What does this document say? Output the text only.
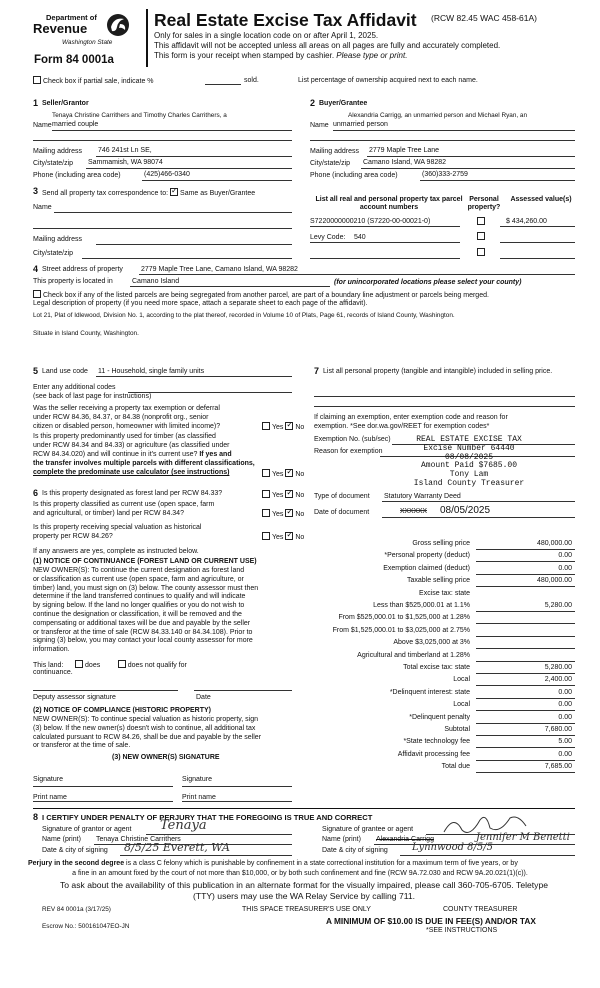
Department of
Revenue
Washington State
Form 84 0001a
Real Estate Excise Tax Affidavit (RCW 82.45 WAC 458-61A)
Only for sales in a single location code on or after April 1, 2025.
This affidavit will not be accepted unless all areas on all pages are fully and accurately completed.
This form is your receipt when stamped by cashier. Please type or print.
Check box if partial sale, indicate %	sold.	List percentage of ownership acquired next to each name.
1 Seller/Grantor
Tenaya Christine Carrithers and Timothy Charles Carrithers, a
Name married couple
Mailing address 746 241st Ln SE,
City/state/zip Sammamish, WA 98074
Phone (including area code)	(425)466-0340
2 Buyer/Grantee
Alexandria Carrigg, an unmarried person and Michael Ryan, an
Name unmarried person
Mailing address 2779 Maple Tree Lane
City/state/zip Camano Island, WA 98282
Phone (including area code)	(360)333-2759
3 Send all property tax correspondence to: ✓ Same as Buyer/Grantee
Name
Mailing address
City/state/zip
List all real and personal property tax parcel account numbers
Personal property?
Assessed value(s)
S7220000000210 (S7220-00-00021-0)	$ 434,260.00
Levy Code: 540
4 Street address of property	2779 Maple Tree Lane, Camano Island, WA 98282
This property is located in	Camano Island	(for unincorporated locations please select your county)
Check box if any of the listed parcels are being segregated from another parcel, are part of a boundary line adjustment or parcels being merged.
Legal description of property (if you need more space, attach a separate sheet to each page of the affidavit).
Lot 21, Plat of Idlewood, Division No. 1, according to the plat thereof, recorded in Volume 10 of Plats, Page 61, records of Island County, Washington.
Situate in Island County, Washington.
5 Land use code 11 - Household, single family units
Enter any additional codes
(see back of last page for instructions)
Was the seller receiving a property tax exemption or deferral
under RCW 84.36, 84.37, or 84.38 (nonprofit org., senior
citizen or disabled person, homeowner with limited income)?	Yes ✓ No
Is this property predominantly used for timber (as classified
under RCW 84.34 and 84.33) or agriculture (as classified under
RCW 84.34.020) and will continue in it's current use? If yes and
the transfer involves multiple parcels with different classifications,
complete the predominate use calculator (see instructions)	Yes ✓ No
6 Is this property designated as forest land per RCW 84.33?	Yes ✓ No
Is this property classified as current use (open space, farm
and agricultural, or timber) land per RCW 84.34?	Yes ✓ No
Is this property receiving special valuation as historical
property per RCW 84.26?	Yes ✓ No
If any answers are yes, complete as instructed below.
(1) NOTICE OF CONTINUANCE (FOREST LAND OR CURRENT USE)
NEW OWNER(S): To continue the current designation as forest land
or classification as current use (open space, farm and agriculture, or
timber) land, you must sign on (3) below. The county assessor must then
determine if the land transferred continues to qualify and will indicate
by signing below. If the land no longer qualifies or you do not wish to
continue the designation or classification, it will be removed and the
compensating or additional taxes will be due and payable by the seller
or transferor at the time of sale (RCW 84.33.140 or 84.34.108). Prior to
signing (3) below, you may contact your local county assessor for more
information.
This land:	does	does not qualify for
continuance.
Deputy assessor signature	Date
(2) NOTICE OF COMPLIANCE (HISTORIC PROPERTY)
NEW OWNER(S): To continue special valuation as historic property, sign
(3) below. If the new owner(s) doesn't wish to continue, all additional tax
calculated pursuant to RCW 84.26, shall be due and payable by the seller
or transferor at the time of sale.
(3) NEW OWNER(S) SIGNATURE
Signature	Signature
Print name	Print name
7 List all personal property (tangible and intangible) included in selling price.
If claiming an exemption, enter exemption code and reason for
exemption. *See dor.wa.gov/REET for exemption codes*
Exemption No. (sub/sec)
Reason for exemption
REAL ESTATE EXCISE TAX
Excise Number 64440
08/08/2025
Amount Paid $7685.00
Tony Lam
Island County Treasurer
Type of document Statutory Warranty Deed
Date of document	xxxxxx 08/05/2025
Gross selling price	480,000.00
*Personal property (deduct)	0.00
Exemption claimed (deduct)	0.00
Taxable selling price	480,000.00
Excise tax: state
Less than $525,000.01 at 1.1%	5,280.00
From $525,000.01 to $1,525,000 at 1.28%
From $1,525,000.01 to $3,025,000 at 2.75%
Above $3,025,000 at 3%
Agricultural and timberland at 1.28%
Total excise tax: state	5,280.00
Local	2,400.00
*Delinquent interest: state	0.00
Local	0.00
*Delinquent penalty	0.00
Subtotal	7,680.00
*State technology fee	5.00
Affidavit processing fee	0.00
Total due	7,685.00
A MINIMUM OF $10.00 IS DUE IN FEE(S) AND/OR TAX
*SEE INSTRUCTIONS
8 I CERTIFY UNDER PENALTY OF PERJURY THAT THE FOREGOING IS TRUE AND CORRECT
Signature of grantor or agent Tenaya
Name (print) Tenaya Christine Carrithers
Date & city of signing 8/5/25 Everett, WA
Signature of grantee or agent
Name (print) Alexandria Carrigg	Jennifer M Benetti
Date & city of signing Lynnwood 8/5/5
Perjury in the second degree is a class C felony which is punishable by confinement in a state correctional institution for a maximum term of five years, or by
a fine in an amount fixed by the court of not more than $10,000, or by both such confinement and fine (RCW 9A.72.030 and RCW 9A.20.021(1)(c)).
To ask about the availability of this publication in an alternate format for the visually impaired, please call 360-705-6705. Teletype
(TTY) users may use the WA Relay Service by calling 711.
REV 84 0001a (3/17/25)	THIS SPACE TREASURER'S USE ONLY	COUNTY TREASURER
Escrow No.: 500161047EO-JN
